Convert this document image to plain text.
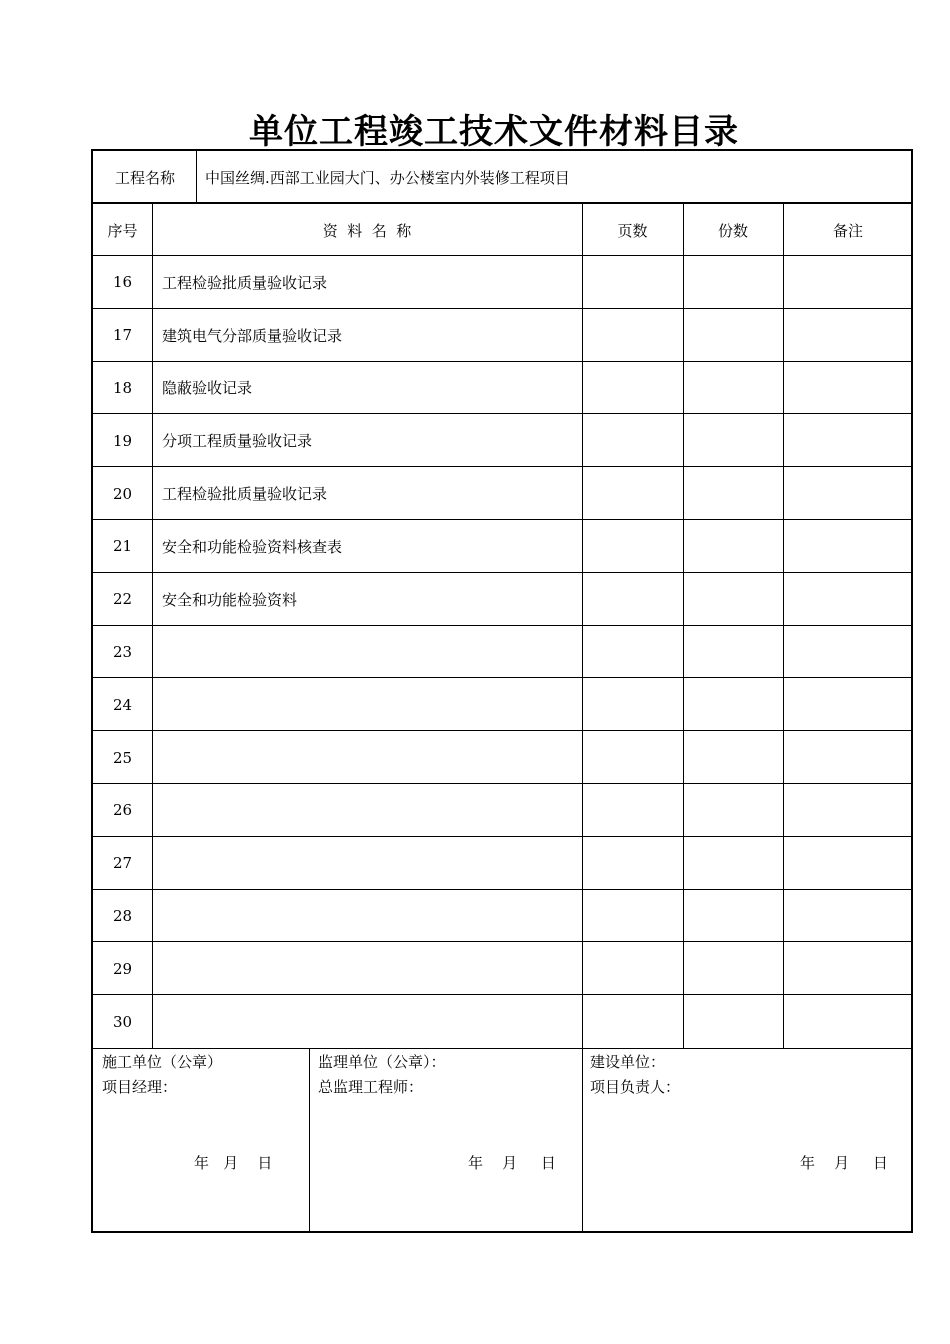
单位工程竣工技术文件材料目录
工程名称	中国丝绸.西部工业园大门、办公楼室内外装修工程项目
序号	资  料  名  称	页数	份数	备注
16	工程检验批质量验收记录
17	建筑电气分部质量验收记录
18	隐蔽验收记录
19	分项工程质量验收记录
20	工程检验批质量验收记录
21	安全和功能检验资料核查表
22	安全和功能检验资料
23
24
25
26
27
28
29
30
施工单位（公章）
项目经理：
年   月    日
监理单位（公章）：
总监理工程师：
年    月     日
建设单位：
项目负责人：
年    月     日
